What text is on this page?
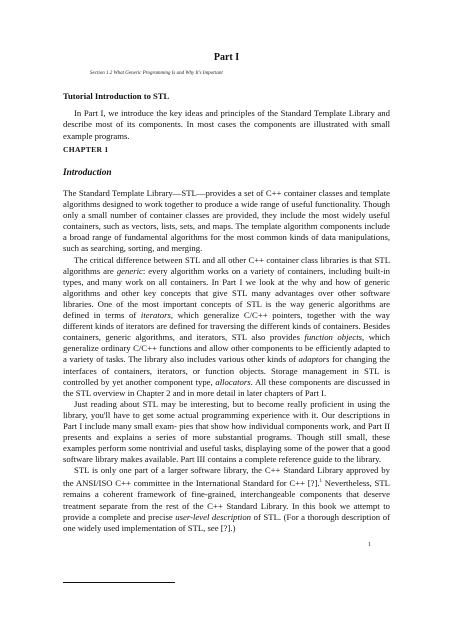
Part I
Section 1.2 What Generic Programming Is and Why It's Important
Tutorial Introduction to STL

In Part I, we introduce the key ideas and principles of the Standard Template Library and describe most of its components. In most cases the components are illustrated with small example programs.

CHAPTER 1
Introduction

The Standard Template Library—STL—provides a set of C++ container classes and template algorithms designed to work together to produce a wide range of useful functionality. Though only a small number of container classes are provided, they include the most widely useful containers, such as vectors, lists, sets, and maps. The template algorithm components include a broad range of fundamental algorithms for the most common kinds of data manipulations, such as searching, sorting, and merging.

The critical difference between STL and all other C++ container class libraries is that STL algorithms are generic: every algorithm works on a variety of containers, including built-in types, and many work on all containers. In Part I we look at the why and how of generic algorithms and other key concepts that give STL many advantages over other software libraries. One of the most important concepts of STL is the way generic algorithms are defined in terms of iterators, which generalize C/C++ pointers, together with the way different kinds of iterators are defined for traversing the different kinds of containers. Besides containers, generic algorithms, and iterators, STL also provides function objects, which generalize ordinary C/C++ functions and allow other components to be efficiently adapted to a variety of tasks. The library also includes various other kinds of adaptors for changing the interfaces of containers, iterators, or function objects. Storage management in STL is controlled by yet another component type, allocators. All these components are discussed in the STL overview in Chapter 2 and in more detail in later chapters of Part I.

Just reading about STL may be interesting, but to become really proficient in using the library, you'll have to get some actual programming experience with it. Our descriptions in Part I include many small exam- pies that show how individual components work, and Part II presents and explains a series of more substantial programs. Though still small, these examples perform some nontrivial and useful tasks, displaying some of the power that a good software library makes available. Part III contains a complete reference guide to the library.

STL is only one part of a larger software library, the C++ Standard Library approved by the ANSI/ISO C++ committee in the International Standard for C++ [?].$^1$ Nevertheless, STL remains a coherent framework of fine-grained, interchangeable components that deserve treatment separate from the rest of the C++ Standard Library. In this book we attempt to provide a complete and precise user-level description of STL. (For a thorough description of one widely used implementation of STL, see [?].)

1
